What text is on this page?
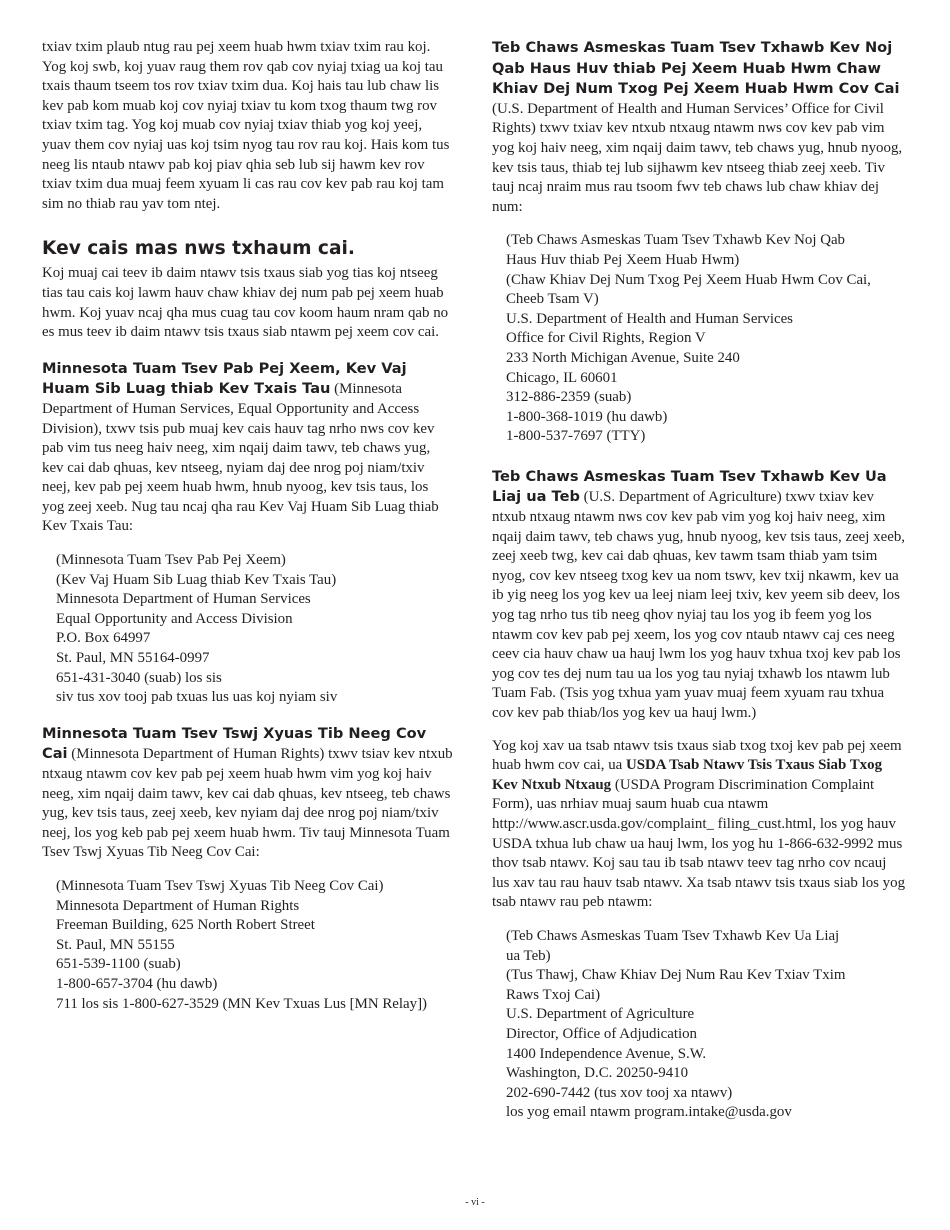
txiav txim plaub ntug rau pej xeem huab hwm txiav txim rau koj. Yog koj swb, koj yuav raug them rov qab cov nyiaj txiag ua koj tau txais thaum tseem tos rov txiav txim dua. Koj hais tau lub chaw lis kev pab kom muab koj cov nyiaj txiav tu kom txog thaum twg rov txiav txim tag. Yog koj muab cov nyiaj txiav thiab yog koj yeej, yuav them cov nyiaj uas koj tsim nyog tau rov rau koj. Hais kom tus neeg lis ntaub ntawv pab koj piav qhia seb lub sij hawm kev rov txiav txim dua muaj feem xyuam li cas rau cov kev pab rau koj tam sim no thiab rau yav tom ntej.

Kev cais mas nws txhaum cai.

Koj muaj cai teev ib daim ntawv tsis txaus siab yog tias koj ntseeg tias tau cais koj lawm hauv chaw khiav dej num pab pej xeem huab hwm. Koj yuav ncaj qha mus cuag tau cov koom haum nram qab no es mus teev ib daim ntawv tsis txaus siab ntawm pej xeem cov cai.

Minnesota Tuam Tsev Pab Pej Xeem, Kev Vaj Huam Sib Luag thiab Kev Txais Tau (Minnesota Department of Human Services, Equal Opportunity and Access Division), txwv tsis pub muaj kev cais hauv tag nrho nws cov kev pab vim tus neeg haiv neeg, xim nqaij daim tawv, teb chaws yug, kev cai dab qhuas, kev ntseeg, nyiam daj dee nrog poj niam/txiv neej, kev pab pej xeem huab hwm, hnub nyoog, kev tsis taus, los yog zeej xeeb. Nug tau ncaj qha rau Kev Vaj Huam Sib Luag thiab Kev Txais Tau:

(Minnesota Tuam Tsev Pab Pej Xeem)
(Kev Vaj Huam Sib Luag thiab Kev Txais Tau)
Minnesota Department of Human Services
Equal Opportunity and Access Division
P.O. Box 64997
St. Paul, MN 55164-0997
651-431-3040 (suab) los sis
siv tus xov tooj pab txuas lus uas koj nyiam siv

Minnesota Tuam Tsev Tswj Xyuas Tib Neeg Cov Cai (Minnesota Department of Human Rights) txwv tsiav kev ntxub ntxaug ntawm cov kev pab pej xeem huab hwm vim yog koj haiv neeg, xim nqaij daim tawv, kev cai dab qhuas, kev ntseeg, teb chaws yug, kev tsis taus, zeej xeeb, kev nyiam daj dee nrog poj niam/txiv neej, los yog keb pab pej xeem huab hwm. Tiv tauj Minnesota Tuam Tsev Tswj Xyuas Tib Neeg Cov Cai:

(Minnesota Tuam Tsev Tswj Xyuas Tib Neeg Cov Cai)
Minnesota Department of Human Rights
Freeman Building, 625 North Robert Street
St. Paul, MN 55155
651-539-1100 (suab)
1-800-657-3704 (hu dawb)
711 los sis 1-800-627-3529 (MN Kev Txuas Lus [MN Relay])

Teb Chaws Asmeskas Tuam Tsev Txhawb Kev Noj Qab Haus Huv thiab Pej Xeem Huab Hwm Chaw Khiav Dej Num Txog Pej Xeem Huab Hwm Cov Cai (U.S. Department of Health and Human Services’ Office for Civil Rights) txwv txiav kev ntxub ntxaug ntawm nws cov kev pab vim yog koj haiv neeg, xim nqaij daim tawv, teb chaws yug, hnub nyoog, kev tsis taus, thiab tej lub sijhawm kev ntseeg thiab zeej xeeb. Tiv tauj ncaj nraim mus rau tsoom fwv teb chaws lub chaw khiav dej num:

(Teb Chaws Asmeskas Tuam Tsev Txhawb Kev Noj Qab
Haus Huv thiab Pej Xeem Huab Hwm)
(Chaw Khiav Dej Num Txog Pej Xeem Huab Hwm Cov Cai,
Cheeb Tsam V)
U.S. Department of Health and Human Services
Office for Civil Rights, Region V
233 North Michigan Avenue, Suite 240
Chicago, IL 60601
312-886-2359 (suab)
1-800-368-1019 (hu dawb)
1-800-537-7697 (TTY)

Teb Chaws Asmeskas Tuam Tsev Txhawb Kev Ua Liaj ua Teb (U.S. Department of Agriculture) txwv txiav kev ntxub ntxaug ntawm nws cov kev pab vim yog koj haiv neeg, xim nqaij daim tawv, teb chaws yug, hnub nyoog, kev tsis taus, zeej xeeb, zeej xeeb twg, kev cai dab qhuas, kev tawm tsam thiab yam tsim nyog, cov kev ntseeg txog kev ua nom tswv, kev txij nkawm, kev ua ib yig neeg los yog kev ua leej niam leej txiv, kev yeem sib deev, los yog tag nrho tus tib neeg qhov nyiaj tau los yog ib feem yog los ntawm cov kev pab pej xeem, los yog cov ntaub ntawv caj ces neeg ceev cia hauv chaw ua hauj lwm los yog hauv txhua txoj kev pab los yog cov tes dej num tau ua los yog tau nyiaj txhawb los ntawm lub Tuam Fab. (Tsis yog txhua yam yuav muaj feem xyuam rau txhua cov kev pab thiab/los yog kev ua hauj lwm.)

Yog koj xav ua tsab ntawv tsis txaus siab txog txoj kev pab pej xeem huab hwm cov cai, ua USDA Tsab Ntawv Tsis Txaus Siab Txog Kev Ntxub Ntxaug (USDA Program Discrimination Complaint Form), uas nrhiav muaj saum huab cua ntawm http://www.ascr.usda.gov/complaint_ filing_cust.html, los yog hauv USDA txhua lub chaw ua hauj lwm, los yog hu 1-866-632-9992 mus thov tsab ntawv. Koj sau tau ib tsab ntawv teev tag nrho cov ncauj lus xav tau rau hauv tsab ntawv. Xa tsab ntawv tsis txaus siab los yog tsab ntawv rau peb ntawm:

(Teb Chaws Asmeskas Tuam Tsev Txhawb Kev Ua Liaj
ua Teb)
(Tus Thawj, Chaw Khiav Dej Num Rau Kev Txiav Txim
Raws Txoj Cai)
U.S. Department of Agriculture
Director, Office of Adjudication
1400 Independence Avenue, S.W.
Washington, D.C. 20250-9410
202-690-7442 (tus xov tooj xa ntawv)
los yog email ntawm program.intake@usda.gov
- vi -
